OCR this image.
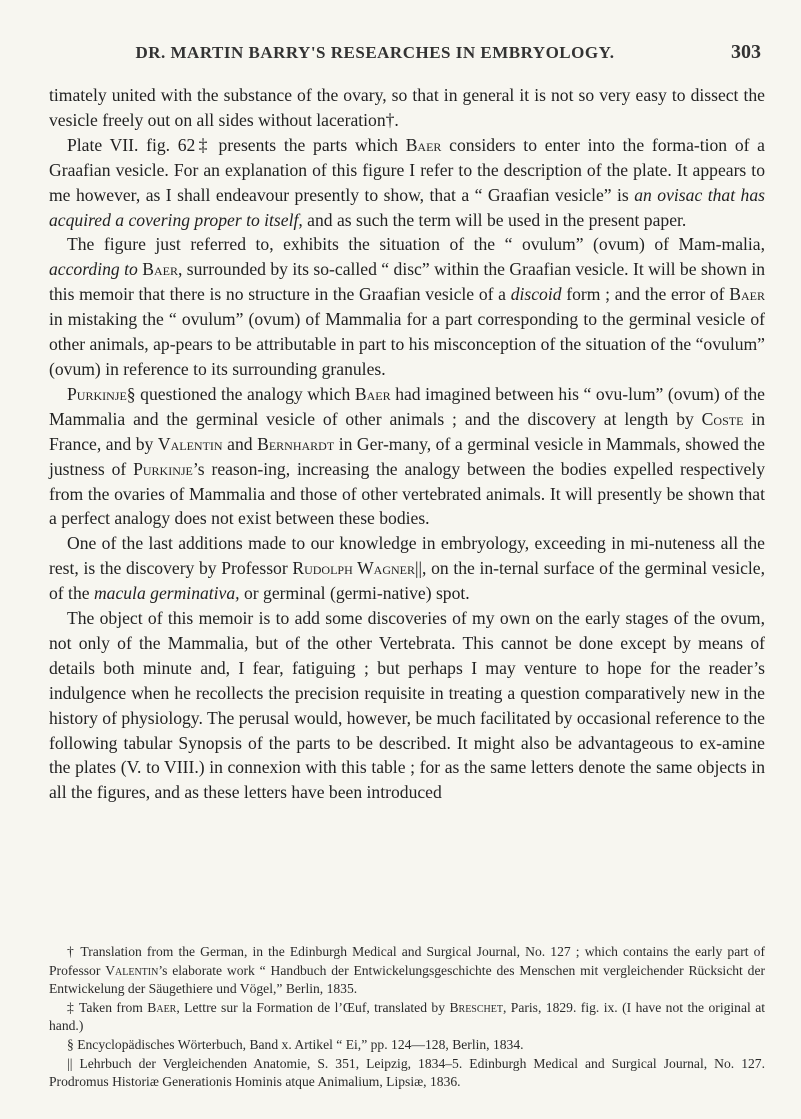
DR. MARTIN BARRY'S RESEARCHES IN EMBRYOLOGY.	303

timately united with the substance of the ovary, so that in general it is not so very easy to dissect the vesicle freely out on all sides without laceration†.

Plate VII. fig. 62‡ presents the parts which Baer considers to enter into the forma-tion of a Graafian vesicle. For an explanation of this figure I refer to the description of the plate. It appears to me however, as I shall endeavour presently to show, that a “ Graafian vesicle” is an ovisac that has acquired a covering proper to itself, and as such the term will be used in the present paper.

The figure just referred to, exhibits the situation of the “ ovulum” (ovum) of Mam-malia, according to Baer, surrounded by its so-called “ disc” within the Graafian vesicle. It will be shown in this memoir that there is no structure in the Graafian vesicle of a discoid form ; and the error of Baer in mistaking the “ ovulum” (ovum) of Mammalia for a part corresponding to the germinal vesicle of other animals, ap-pears to be attributable in part to his misconception of the situation of the “ovulum” (ovum) in reference to its surrounding granules.

Purkinje§ questioned the analogy which Baer had imagined between his “ ovu-lum” (ovum) of the Mammalia and the germinal vesicle of other animals ; and the discovery at length by Coste in France, and by Valentin and Bernhardt in Ger-many, of a germinal vesicle in Mammals, showed the justness of Purkinje’s reason-ing, increasing the analogy between the bodies expelled respectively from the ovaries of Mammalia and those of other vertebrated animals. It will presently be shown that a perfect analogy does not exist between these bodies.

One of the last additions made to our knowledge in embryology, exceeding in mi-nuteness all the rest, is the discovery by Professor Rudolph Wagner||, on the in-ternal surface of the germinal vesicle, of the macula germinativa, or germinal (germi-native) spot.

The object of this memoir is to add some discoveries of my own on the early stages of the ovum, not only of the Mammalia, but of the other Vertebrata. This cannot be done except by means of details both minute and, I fear, fatiguing ; but perhaps I may venture to hope for the reader’s indulgence when he recollects the precision requisite in treating a question comparatively new in the history of physiology. The perusal would, however, be much facilitated by occasional reference to the following tabular Synopsis of the parts to be described. It might also be advantageous to ex-amine the plates (V. to VIII.) in connexion with this table ; for as the same letters denote the same objects in all the figures, and as these letters have been introduced

† Translation from the German, in the Edinburgh Medical and Surgical Journal, No. 127 ; which contains the early part of Professor Valentin’s elaborate work “ Handbuch der Entwickelungsgeschichte des Menschen mit vergleichender Rücksicht der Entwickelung der Säugethiere und Vögel,” Berlin, 1835.

‡ Taken from Baer, Lettre sur la Formation de l’Œuf, translated by Breschet, Paris, 1829. fig. ix. (I have not the original at hand.)

§ Encyclopädisches Wörterbuch, Band x. Artikel “ Ei,” pp. 124—128, Berlin, 1834.

|| Lehrbuch der Vergleichenden Anatomie, S. 351, Leipzig, 1834–5. Edinburgh Medical and Surgical Journal, No. 127. Prodromus Historiæ Generationis Hominis atque Animalium, Lipsiæ, 1836.
